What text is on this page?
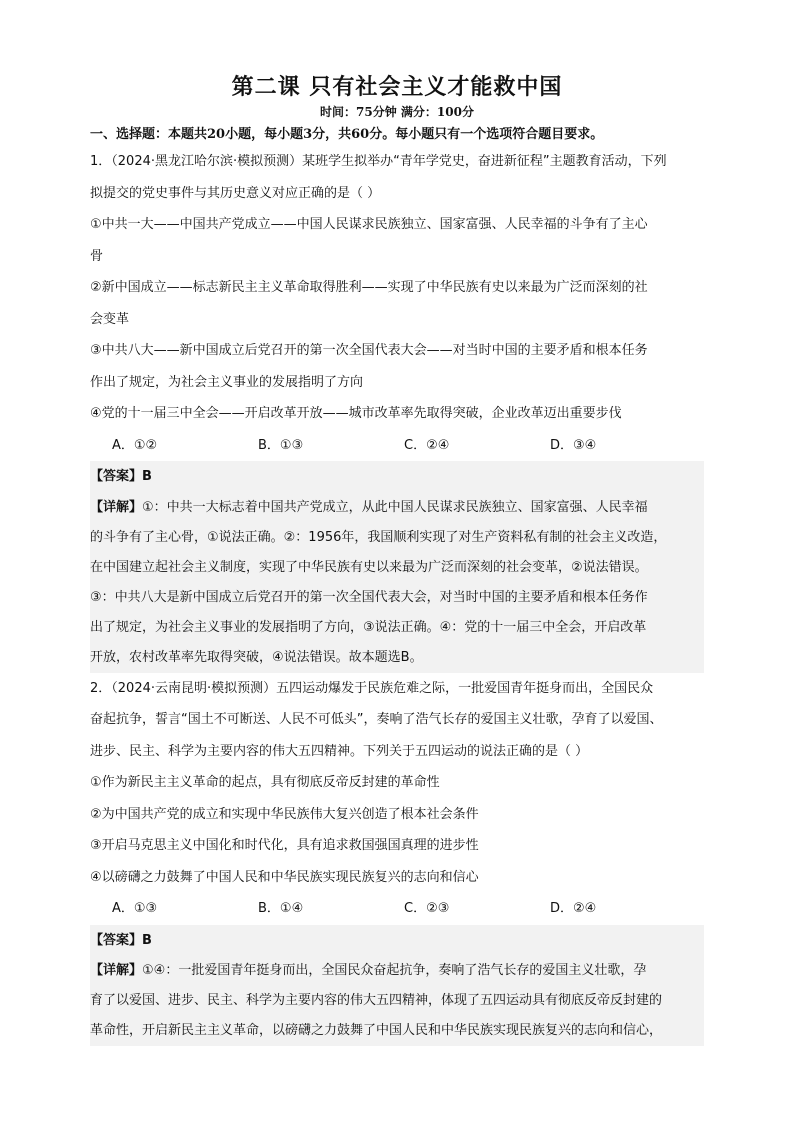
第二课 只有社会主义才能救中国
时间：75分钟 满分：100分
一、选择题：本题共20小题，每小题3分，共60分。每小题只有一个选项符合题目要求。

1．（2024·黑龙江哈尔滨·模拟预测）某班学生拟举办“青年学党史，奋进新征程”主题教育活动，下列

拟提交的党史事件与其历史意义对应正确的是（ ）

①中共一大——中国共产党成立——中国人民谋求民族独立、国家富强、人民幸福的斗争有了主心

骨

②新中国成立——标志新民主主义革命取得胜利——实现了中华民族有史以来最为广泛而深刻的社

会变革

③中共八大——新中国成立后党召开的第一次全国代表大会——对当时中国的主要矛盾和根本任务

作出了规定，为社会主义事业的发展指明了方向

④党的十一届三中全会——开启改革开放——城市改革率先取得突破，企业改革迈出重要步伐

A．①②	B．①③	C．②④	D．③④
【答案】B

【详解】①：中共一大标志着中国共产党成立，从此中国人民谋求民族独立、国家富强、人民幸福

的斗争有了主心骨，①说法正确。②：1956年，我国顺利实现了对生产资料私有制的社会主义改造，

在中国建立起社会主义制度，实现了中华民族有史以来最为广泛而深刻的社会变革，②说法错误。

③：中共八大是新中国成立后党召开的第一次全国代表大会，对当时中国的主要矛盾和根本任务作

出了规定，为社会主义事业的发展指明了方向，③说法正确。④：党的十一届三中全会，开启改革

开放，农村改革率先取得突破，④说法错误。故本题选B。

2．（2024·云南昆明·模拟预测）五四运动爆发于民族危难之际，一批爱国青年挺身而出，全国民众

奋起抗争，誓言“国土不可断送、人民不可低头”，奏响了浩气长存的爱国主义壮歌，孕育了以爱国、

进步、民主、科学为主要内容的伟大五四精神。下列关于五四运动的说法正确的是（ ）

①作为新民主主义革命的起点，具有彻底反帝反封建的革命性

②为中国共产党的成立和实现中华民族伟大复兴创造了根本社会条件

③开启马克思主义中国化和时代化，具有追求救国强国真理的进步性

④以磅礴之力鼓舞了中国人民和中华民族实现民族复兴的志向和信心

A．①③	B．①④	C．②③	D．②④
【答案】B

【详解】①④：一批爱国青年挺身而出，全国民众奋起抗争，奏响了浩气长存的爱国主义壮歌，孕

育了以爱国、进步、民主、科学为主要内容的伟大五四精神，体现了五四运动具有彻底反帝反封建的

革命性，开启新民主主义革命，以磅礴之力鼓舞了中国人民和中华民族实现民族复兴的志向和信心，
